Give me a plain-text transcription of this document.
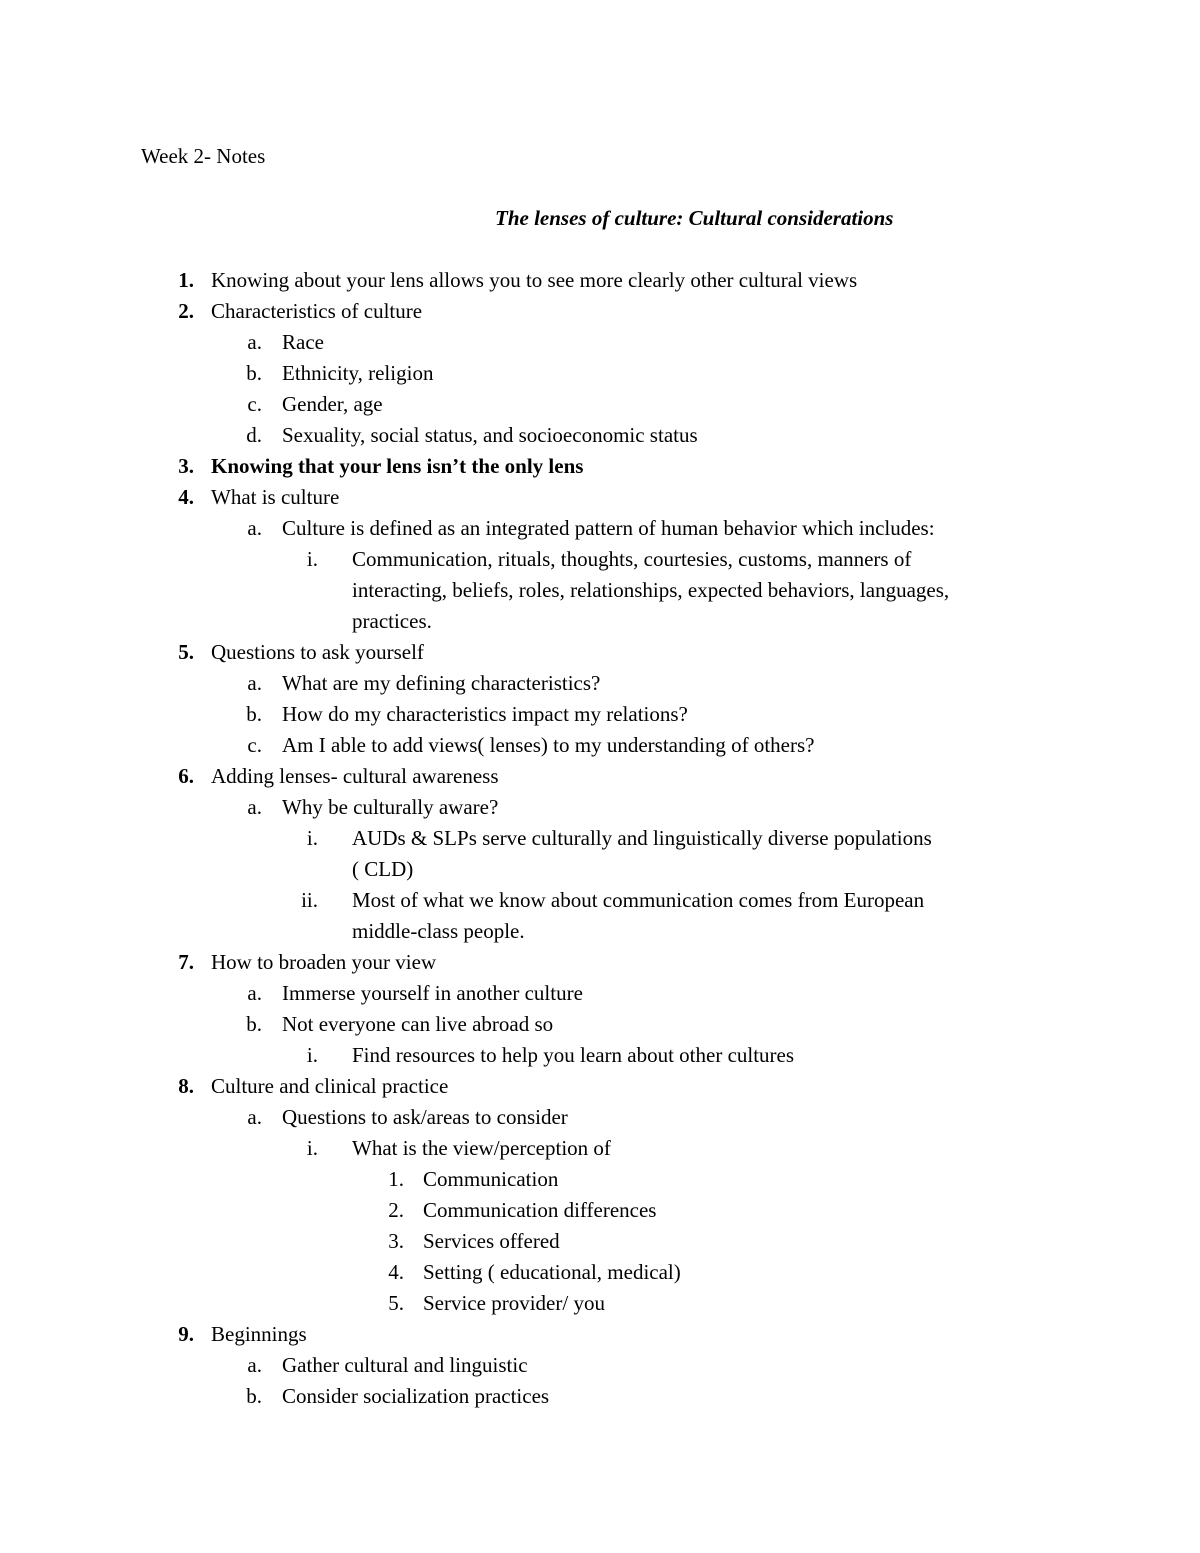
Week 2- Notes
The lenses of culture: Cultural considerations
1. Knowing about your lens allows you to see more clearly other cultural views
2. Characteristics of culture
a. Race
b. Ethnicity, religion
c. Gender, age
d. Sexuality, social status, and socioeconomic status
3. Knowing that your lens isn’t the only lens
4. What is culture
a. Culture is defined as an integrated pattern of human behavior which includes:
i. Communication, rituals, thoughts, courtesies, customs, manners of
interacting, beliefs, roles, relationships, expected behaviors, languages,
practices.
5. Questions to ask yourself
a. What are my defining characteristics?
b. How do my characteristics impact my relations?
c. Am I able to add views( lenses) to my understanding of others?
6. Adding lenses- cultural awareness
a. Why be culturally aware?
i. AUDs & SLPs serve culturally and linguistically diverse populations
( CLD)
ii. Most of what we know about communication comes from European
middle-class people.
7. How to broaden your view
a. Immerse yourself in another culture
b. Not everyone can live abroad so
i. Find resources to help you learn about other cultures
8. Culture and clinical practice
a. Questions to ask/areas to consider
i. What is the view/perception of
1. Communication
2. Communication differences
3. Services offered
4. Setting ( educational, medical)
5. Service provider/ you
9. Beginnings
a. Gather cultural and linguistic
b. Consider socialization practices
